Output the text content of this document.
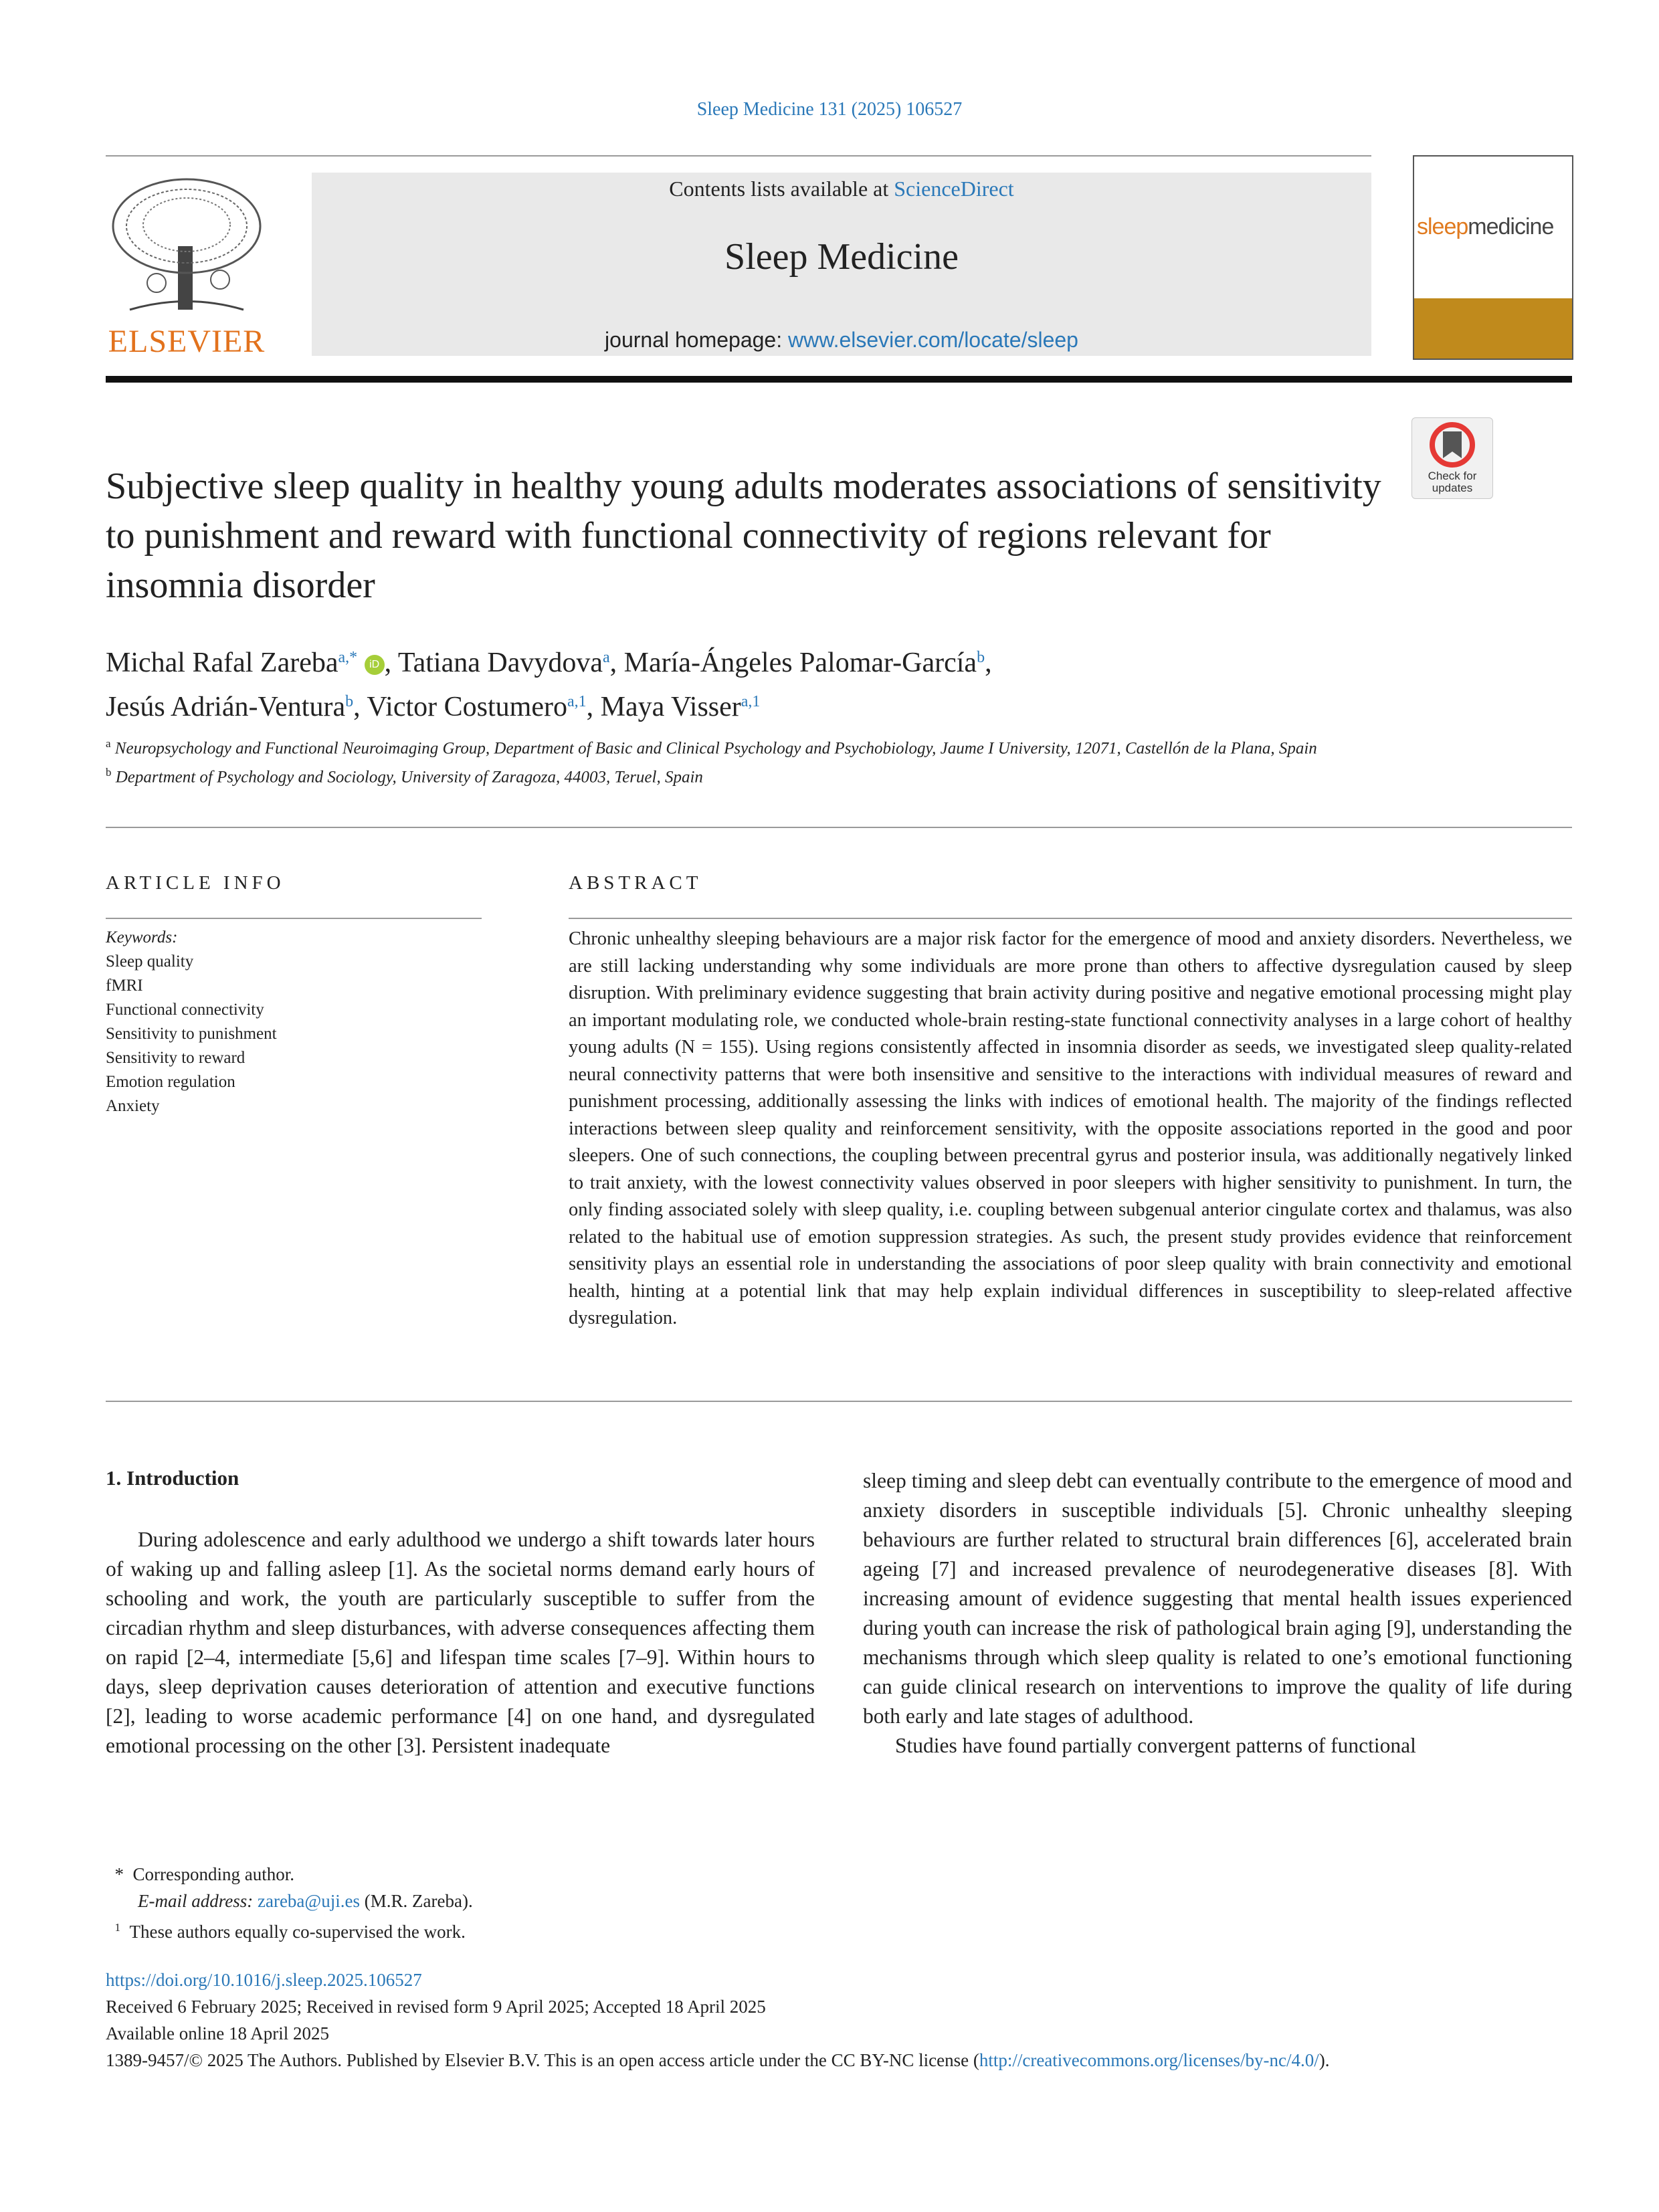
Sleep Medicine 131 (2025) 106527
ELSEVIER
Contents lists available at ScienceDirect
Sleep Medicine
journal homepage: www.elsevier.com/locate/sleep
sleepmedicine
Check for updates
Subjective sleep quality in healthy young adults moderates associations of sensitivity to punishment and reward with functional connectivity of regions relevant for insomnia disorder
Michal Rafal Zareba$^{a,*}$ iD , Tatiana Davydova$^a$, María-Ángeles Palomar-García$^b$,
Jesús Adrián-Ventura$^b$, Victor Costumero$^{a,1}$, Maya Visser$^{a,1}$
$^a$ Neuropsychology and Functional Neuroimaging Group, Department of Basic and Clinical Psychology and Psychobiology, Jaume I University, 12071, Castellón de la Plana, Spain
$^b$ Department of Psychology and Sociology, University of Zaragoza, 44003, Teruel, Spain
ARTICLE INFO	ABSTRACT
Keywords:
Sleep quality
fMRI
Functional connectivity
Sensitivity to punishment
Sensitivity to reward
Emotion regulation
Anxiety
Chronic unhealthy sleeping behaviours are a major risk factor for the emergence of mood and anxiety disorders. Nevertheless, we are still lacking understanding why some individuals are more prone than others to affective dysregulation caused by sleep disruption. With preliminary evidence suggesting that brain activity during positive and negative emotional processing might play an important modulating role, we conducted whole-brain resting-state functional connectivity analyses in a large cohort of healthy young adults (N = 155). Using regions consistently affected in insomnia disorder as seeds, we investigated sleep quality-related neural connectivity patterns that were both insensitive and sensitive to the interactions with individual measures of reward and punishment processing, additionally assessing the links with indices of emotional health. The majority of the findings reflected interactions between sleep quality and reinforcement sensitivity, with the opposite associations reported in the good and poor sleepers. One of such connections, the coupling between precentral gyrus and posterior insula, was additionally negatively linked to trait anxiety, with the lowest connectivity values observed in poor sleepers with higher sensitivity to punishment. In turn, the only finding associated solely with sleep quality, i.e. coupling between subgenual anterior cingulate cortex and thalamus, was also related to the habitual use of emotion suppression strategies. As such, the present study provides evidence that reinforcement sensitivity plays an essential role in understanding the associations of poor sleep quality with brain connectivity and emotional health, hinting at a potential link that may help explain individual differences in susceptibility to sleep-related affective dysregulation.
1. Introduction

During adolescence and early adulthood we undergo a shift towards later hours of waking up and falling asleep [1]. As the societal norms demand early hours of schooling and work, the youth are particularly susceptible to suffer from the circadian rhythm and sleep disturbances, with adverse consequences affecting them on rapid [2–4, intermediate [5,6] and lifespan time scales [7–9]. Within hours to days, sleep deprivation causes deterioration of attention and executive functions [2], leading to worse academic performance [4] on one hand, and dysregulated emotional processing on the other [3]. Persistent inadequate

sleep timing and sleep debt can eventually contribute to the emergence of mood and anxiety disorders in susceptible individuals [5]. Chronic unhealthy sleeping behaviours are further related to structural brain differences [6], accelerated brain ageing [7] and increased prevalence of neurodegenerative diseases [8]. With increasing amount of evidence suggesting that mental health issues experienced during youth can increase the risk of pathological brain aging [9], understanding the mechanisms through which sleep quality is related to one’s emotional functioning can guide clinical research on interventions to improve the quality of life during both early and late stages of adulthood.

Studies have found partially convergent patterns of functional

* Corresponding author.
E-mail address: zareba@uji.es (M.R. Zareba).
$^1$ These authors equally co-supervised the work.
https://doi.org/10.1016/j.sleep.2025.106527
Received 6 February 2025; Received in revised form 9 April 2025; Accepted 18 April 2025
Available online 18 April 2025
1389-9457/© 2025 The Authors. Published by Elsevier B.V. This is an open access article under the CC BY-NC license (http://creativecommons.org/licenses/by-nc/4.0/).
